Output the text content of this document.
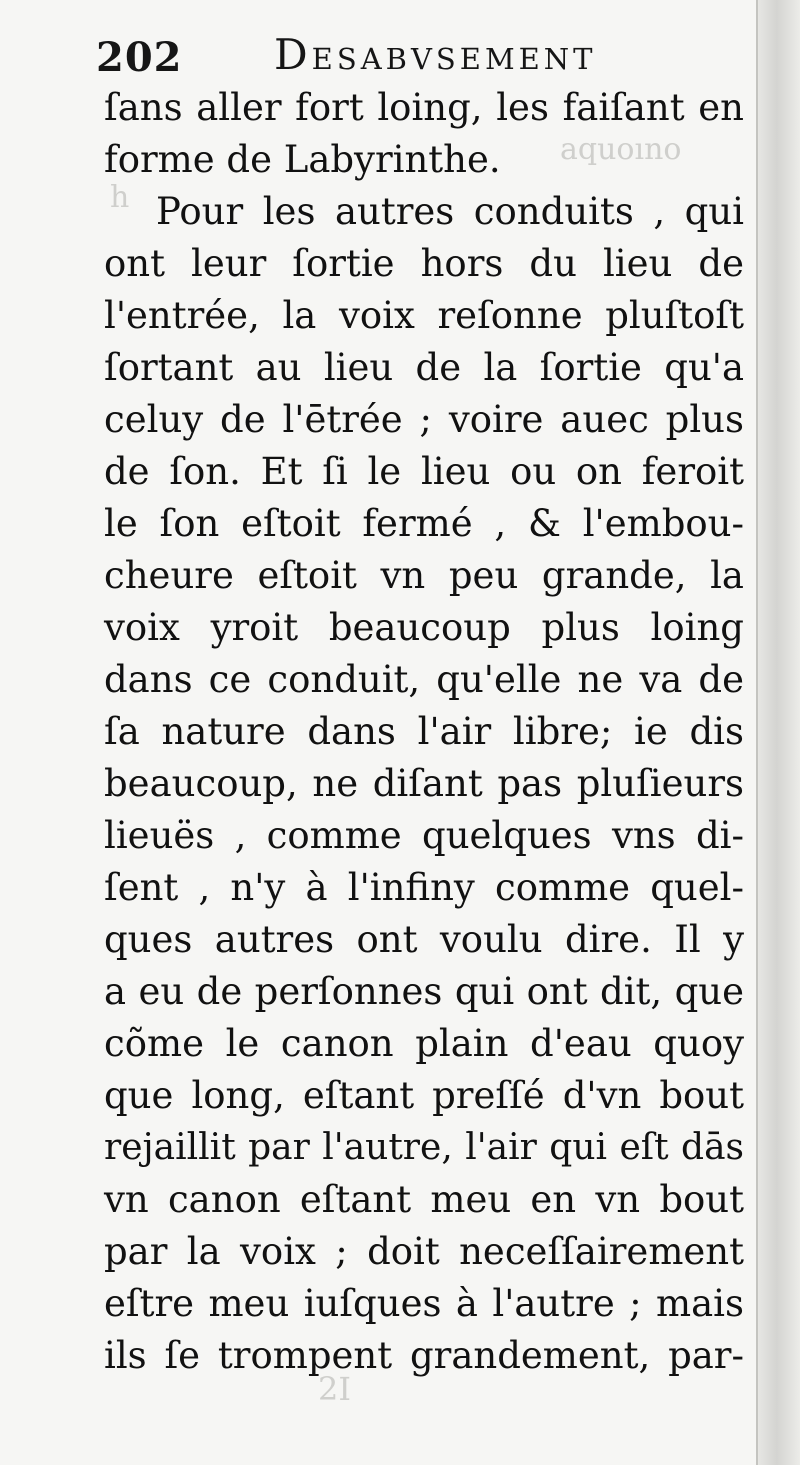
202 Desabvsement
aquoıno
h
2I
ſans aller fort loing, les faiſant en
forme de Labyrinthe.
Pour les autres conduits , qui
ont leur ſortie hors du lieu de
l'entrée, la voix reſonne pluſtoſt
ſortant au lieu de la ſortie qu'a
celuy de l'ētrée ; voire auec plus
de ſon. Et ſi le lieu ou on feroit
le ſon eſtoit fermé , & l'embou-
cheure eſtoit vn peu grande, la
voix yroit beaucoup plus loing
dans ce conduit, qu'elle ne va de
ſa nature dans l'air libre; ie dis
beaucoup, ne diſant pas pluſieurs
lieuës , comme quelques vns di-
ſent , n'y à l'infiny comme quel-
ques autres ont voulu dire. Il y
a eu de perſonnes qui ont dit, que
cõme le canon plain d'eau quoy
que long, eſtant preſſé d'vn bout
rejaillit par l'autre, l'air qui eſt dās
vn canon eſtant meu en vn bout
par la voix ; doit neceſſairement
eſtre meu iuſques à l'autre ; mais
ils ſe trompent grandement, par-
